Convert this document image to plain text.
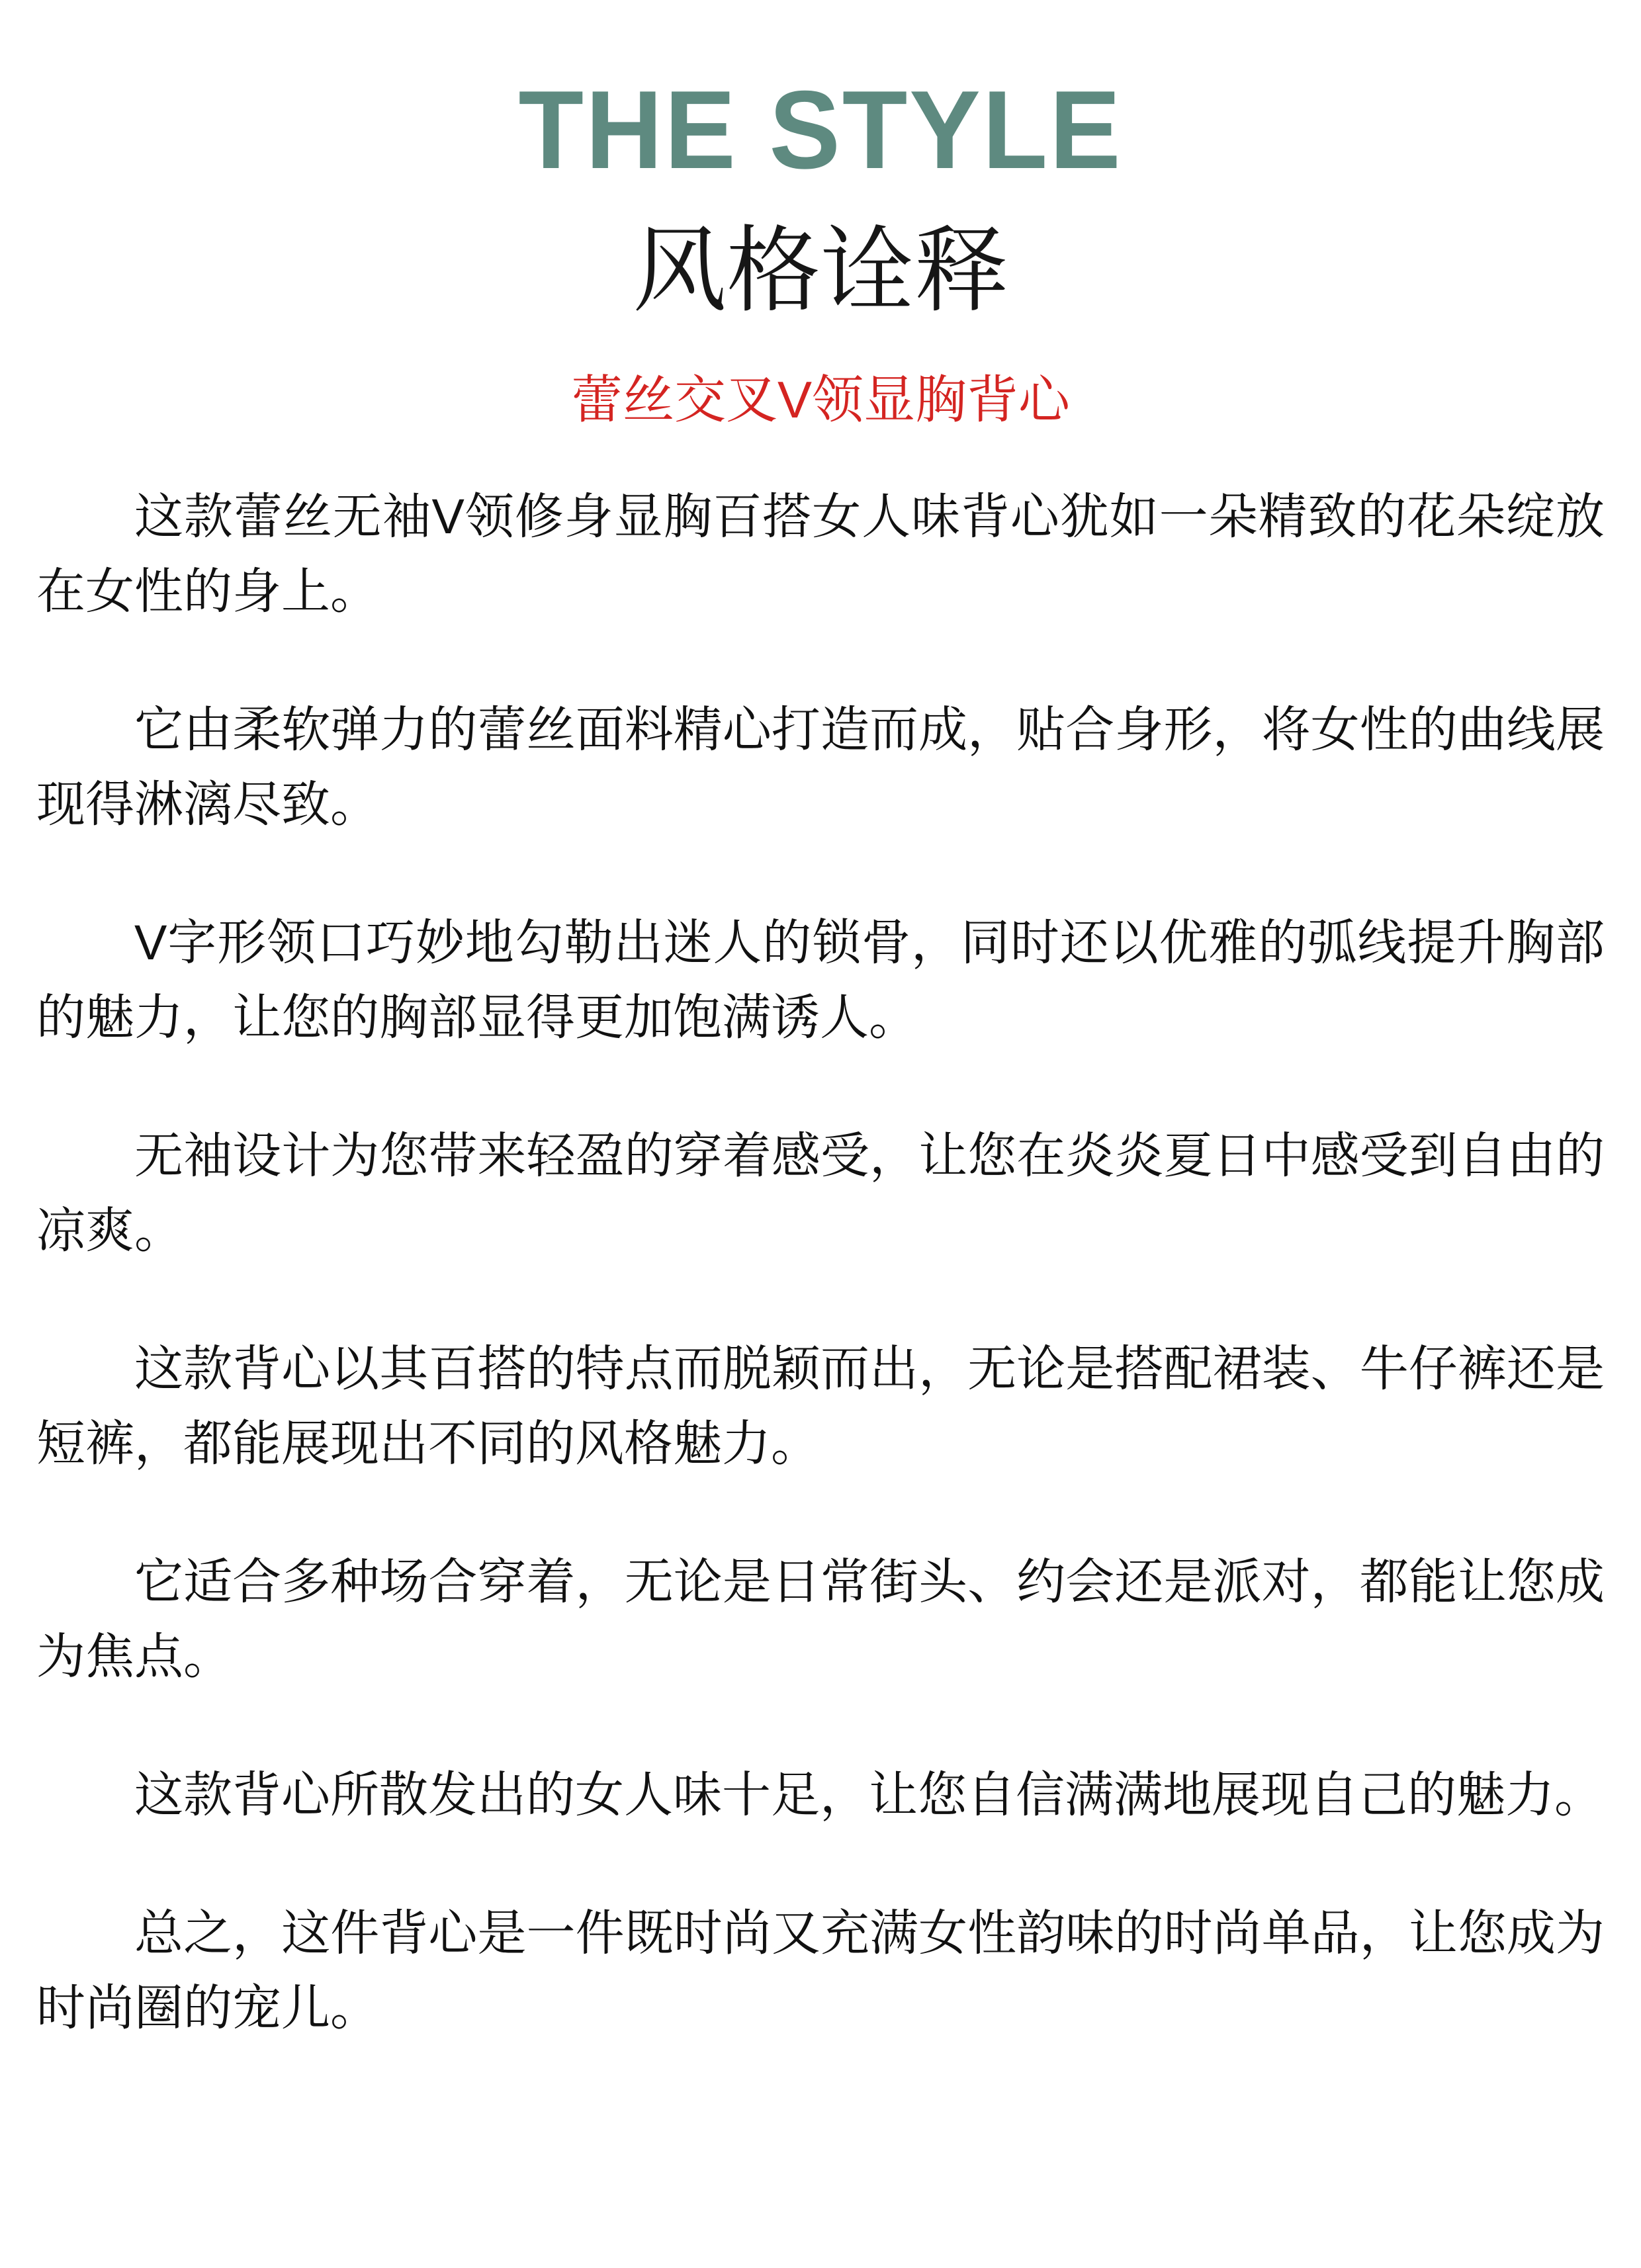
THE STYLE
风格诠释
蕾丝交叉V领显胸背心

这款蕾丝无袖V领修身显胸百搭女人味背心犹如一朵精致的花朵绽放在女性的身上。

它由柔软弹力的蕾丝面料精心打造而成，贴合身形，将女性的曲线展现得淋漓尽致。

V字形领口巧妙地勾勒出迷人的锁骨，同时还以优雅的弧线提升胸部的魅力，让您的胸部显得更加饱满诱人。

无袖设计为您带来轻盈的穿着感受，让您在炎炎夏日中感受到自由的凉爽。

这款背心以其百搭的特点而脱颖而出，无论是搭配裙装、牛仔裤还是短裤，都能展现出不同的风格魅力。

它适合多种场合穿着，无论是日常街头、约会还是派对，都能让您成为焦点。

这款背心所散发出的女人味十足，让您自信满满地展现自己的魅力。

总之，这件背心是一件既时尚又充满女性韵味的时尚单品，让您成为时尚圈的宠儿。
